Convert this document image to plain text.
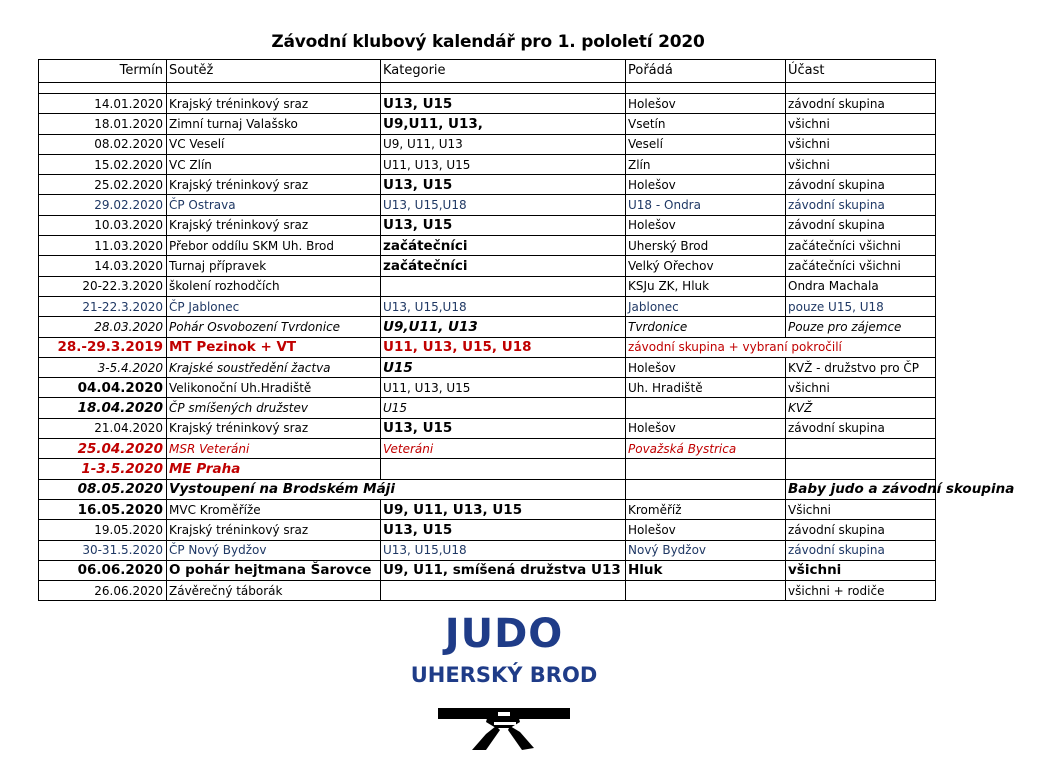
Závodní klubový kalendář pro 1. pololetí 2020
Termín	Soutěž	Kategorie	Pořádá	Účast

14.01.2020	Krajský tréninkový sraz	U13, U15	Holešov	závodní skupina
18.01.2020	Zimní turnaj Valašsko	U9,U11, U13,	Vsetín	všichni
08.02.2020	VC Veselí	U9, U11, U13	Veselí	všichni
15.02.2020	VC Zlín	U11, U13, U15	Zlín	všichni
25.02.2020	Krajský tréninkový sraz	U13, U15	Holešov	závodní skupina
29.02.2020	ČP Ostrava	U13, U15,U18	U18 - Ondra	závodní skupina
10.03.2020	Krajský tréninkový sraz	U13, U15	Holešov	závodní skupina
11.03.2020	Přebor oddílu SKM Uh. Brod	začátečníci	Uherský Brod	začátečníci všichni
14.03.2020	Turnaj přípravek	začátečníci	Velký Ořechov	začátečníci všichni
20-22.3.2020	školení rozhodčích		KSJu ZK, Hluk	Ondra Machala
21-22.3.2020	ČP Jablonec	U13, U15,U18	Jablonec	pouze U15, U18
28.03.2020	Pohár Osvobození Tvrdonice	U9,U11, U13	Tvrdonice	Pouze pro zájemce
28.-29.3.2019	MT Pezinok + VT	U11, U13, U15, U18	závodní skupina + vybraní pokročilí	
3-5.4.2020	Krajské soustředění žactva	U15	Holešov	KVŽ - družstvo pro ČP
04.04.2020	Velikonoční Uh.Hradiště	U11, U13, U15	Uh. Hradiště	všichni
18.04.2020	ČP smíšených družstev	U15		KVŽ
21.04.2020	Krajský tréninkový sraz	U13, U15	Holešov	závodní skupina
25.04.2020	MSR Veteráni	Veteráni	Považská Bystrica	
1-3.5.2020	ME Praha			
08.05.2020	Vystoupení na Brodském Máji			Baby judo a závodní skoupina
16.05.2020	MVC Kroměříže	U9, U11, U13, U15	Kroměříž	Všichni
19.05.2020	Krajský tréninkový sraz	U13, U15	Holešov	závodní skupina
30-31.5.2020	ČP Nový Bydžov	U13, U15,U18	Nový Bydžov	závodní skupina
06.06.2020	O pohár hejtmana Šarovce	U9, U11, smíšená družstva U13	Hluk	všichni
26.06.2020	Závěrečný táborák			všichni + rodiče
JUDO
UHERSKÝ BROD
